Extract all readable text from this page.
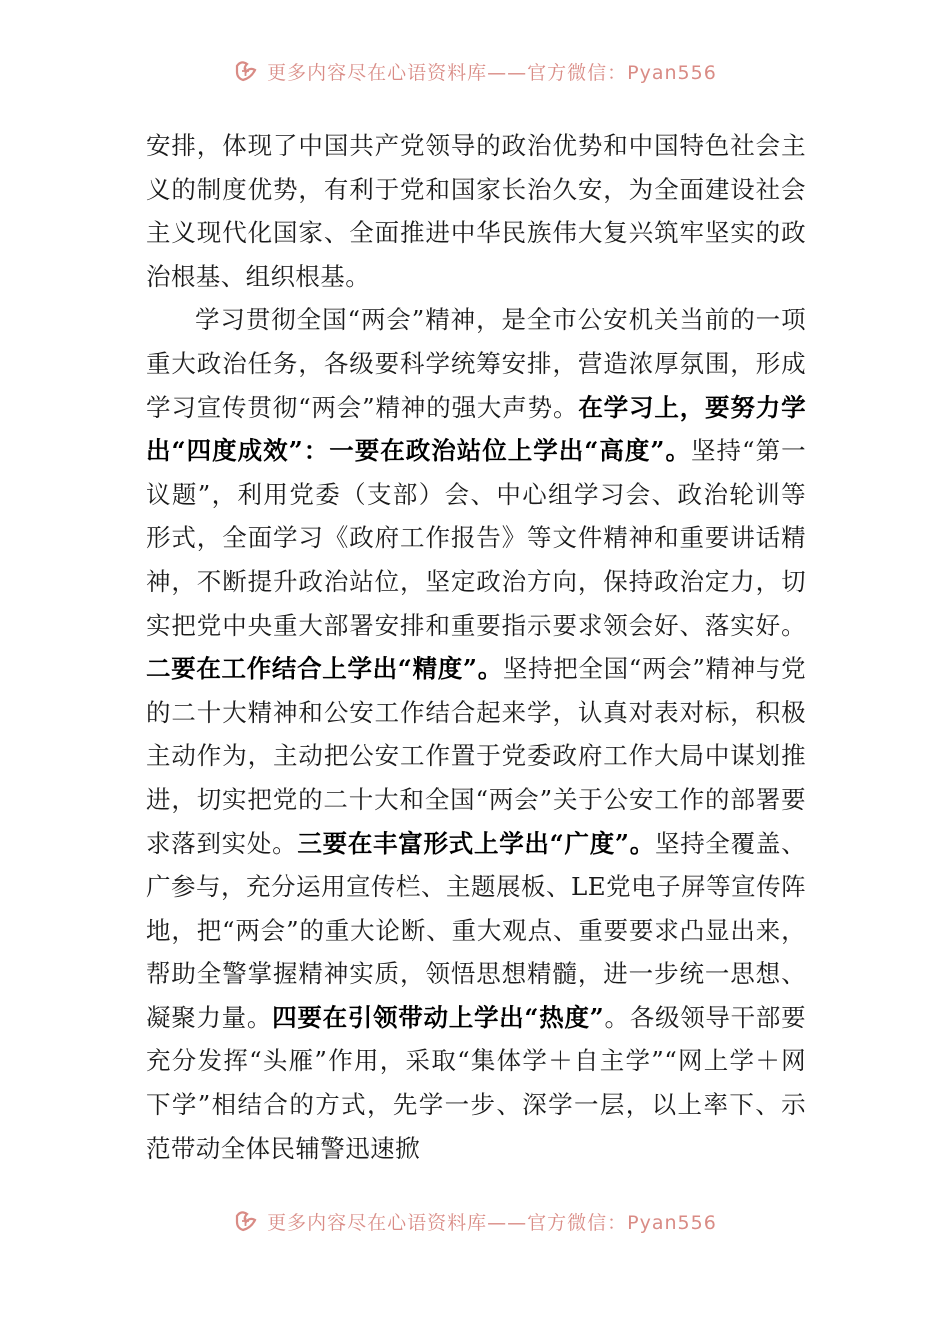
更多内容尽在心语资料库——官方微信：Pyan556

安排，体现了中国共产党领导的政治优势和中国特色社会主义的制度优势，有利于党和国家长治久安，为全面建设社会主义现代化国家、全面推进中华民族伟大复兴筑牢坚实的政治根基、组织根基。

学习贯彻全国“两会”精神，是全市公安机关当前的一项重大政治任务，各级要科学统筹安排，营造浓厚氛围，形成学习宣传贯彻“两会”精神的强大声势。在学习上，要努力学出“四度成效”：一要在政治站位上学出“高度”。坚持“第一议题”，利用党委（支部）会、中心组学习会、政治轮训等形式，全面学习《政府工作报告》等文件精神和重要讲话精神，不断提升政治站位，坚定政治方向，保持政治定力，切实把党中央重大部署安排和重要指示要求领会好、落实好。二要在工作结合上学出“精度”。坚持把全国“两会”精神与党的二十大精神和公安工作结合起来学，认真对表对标，积极主动作为，主动把公安工作置于党委政府工作大局中谋划推进，切实把党的二十大和全国“两会”关于公安工作的部署要求落到实处。三要在丰富形式上学出“广度”。坚持全覆盖、广参与，充分运用宣传栏、主题展板、LE党电子屏等宣传阵地，把“两会”的重大论断、重大观点、重要要求凸显出来，帮助全警掌握精神实质，领悟思想精髓，进一步统一思想、凝聚力量。四要在引领带动上学出“热度”。各级领导干部要充分发挥“头雁”作用，采取“集体学＋自主学”“网上学＋网下学”相结合的方式，先学一步、深学一层，以上率下、示范带动全体民辅警迅速掀

更多内容尽在心语资料库——官方微信：Pyan556
